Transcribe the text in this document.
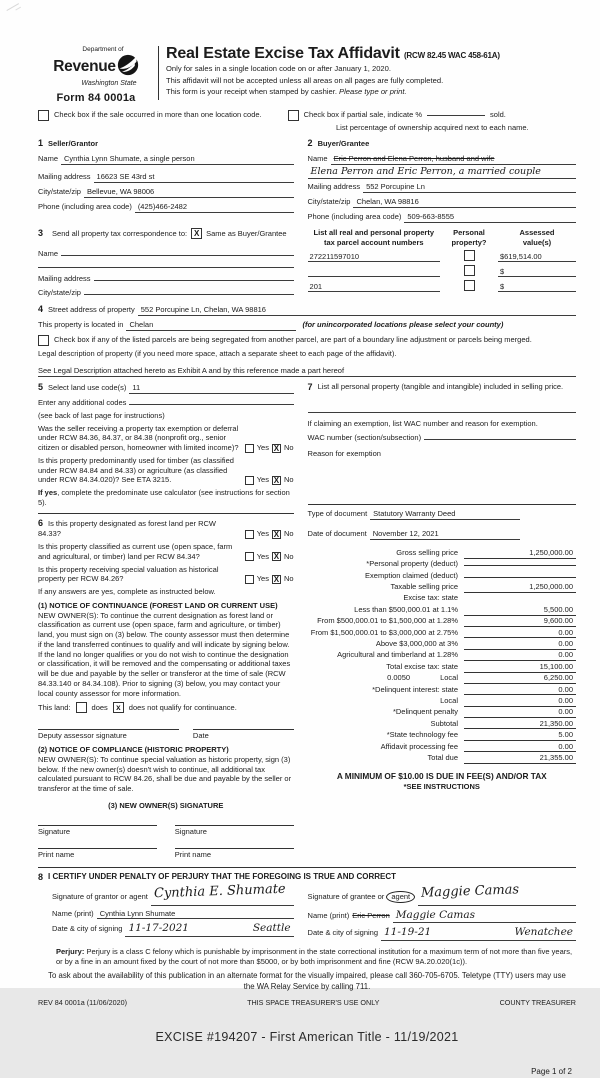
Department of
Revenue
Washington State
Form 84 0001a
Real Estate Excise Tax Affidavit (RCW 82.45 WAC 458-61A)
Only for sales in a single location code on or after January 1, 2020.
This affidavit will not be accepted unless all areas on all pages are fully completed.
This form is your receipt when stamped by cashier. Please type or print.
Check box if the sale occurred in more than one location code.	Check box if partial sale, indicate %	sold.
List percentage of ownership acquired next to each name.
1 Seller/Grantor
Name Cynthia Lynn Shumate, a single person
Mailing address 16623 SE 43rd st
City/state/zip Bellevue, WA 98006
Phone (including area code) (425)466-2482
2 Buyer/Grantee
Name Eric Perron and Elena Perron, husband and wife
Elena Perron and Eric Perron, a married couple
Mailing address 552 Porcupine Ln
City/state/zip Chelan, WA 98816
Phone (including area code) 509-663-8555
3 Send all property tax correspondence to: X Same as Buyer/Grantee
Name
Mailing address
City/state/zip
List all real and personal property
tax parcel account numbers
Personal
property?
Assessed
value(s)
272211597010	$619,514.00
$
201	$
4 Street address of property 552 Porcupine Ln, Chelan, WA 98816
This property is located in Chelan	(for unincorporated locations please select your county)
Check box if any of the listed parcels are being segregated from another parcel, are part of a boundary line adjustment or parcels being merged.
Legal description of property (if you need more space, attach a separate sheet to each page of the affidavit).
See Legal Description attached hereto as Exhibit A and by this reference made a part hereof
5 Select land use code(s) 11
Enter any additional codes
(see back of last page for instructions)
Was the seller receiving a property tax exemption or deferral under RCW 84.36, 84.37, or 84.38 (nonprofit org., senior citizen or disabled person, homeowner with limited income)? Yes X No
Is this property predominantly used for timber (as classified under RCW 84.84 and 84.33) or agriculture (as classified under RCW 84.34.020)? See ETA 3215.	Yes X No
If yes, complete the predominate use calculator (see instructions for section 5).
6 Is this property designated as forest land per RCW 84.33?	Yes X No
Is this property classified as current use (open space, farm and agricultural, or timber) land per RCW 84.34?	Yes X No
Is this property receiving special valuation as historical property per RCW 84.26?	Yes X No
If any answers are yes, complete as instructed below.
(1) NOTICE OF CONTINUANCE (FOREST LAND OR CURRENT USE)
NEW OWNER(S): To continue the current designation as forest land or classification as current use (open space, farm and agriculture, or timber) land, you must sign on (3) below. The county assessor must then determine if the land transferred continues to qualify and will indicate by signing below. If the land no longer qualifies or you do not wish to continue the designation or classification, it will be removed and the compensating or additional taxes will be due and payable by the seller or transferor at the time of sale (RCW 84.33.140 or 84.34.108). Prior to signing (3) below, you may contact your local county assessor for more information.
This land:	does	x	does not qualify for continuance.
Deputy assessor signature	Date
(2) NOTICE OF COMPLIANCE (HISTORIC PROPERTY)
NEW OWNER(S): To continue special valuation as historic property, sign (3) below. If the new owner(s) doesn't wish to continue, all additional tax calculated pursuant to RCW 84.26, shall be due and payable by the seller or transferor at the time of sale.
(3) NEW OWNER(S) SIGNATURE
Signature	Signature
Print name	Print name
7 List all personal property (tangible and intangible) included in selling price.
If claiming an exemption, list WAC number and reason for exemption.
WAC number (section/subsection)
Reason for exemption
Type of document Statutory Warranty Deed
Date of document November 12, 2021
Gross selling price	1,250,000.00
*Personal property (deduct)
Exemption claimed (deduct)
Taxable selling price	1,250,000.00
Excise tax: state
Less than $500,000.01 at 1.1%	5,500.00
From $500,000.01 to $1,500,000 at 1.28%	9,600.00
From $1,500,000.01 to $3,000,000 at 2.75%	0.00
Above $3,000,000 at 3%	0.00
Agricultural and timberland at 1.28%	0.00
Total excise tax: state	15,100.00
0.0050	Local	6,250.00
*Delinquent interest: state	0.00
Local	0.00
*Delinquent penalty	0.00
Subtotal	21,350.00
*State technology fee	5.00
Affidavit processing fee	0.00
Total due	21,355.00
A MINIMUM OF $10.00 IS DUE IN FEE(S) AND/OR TAX
*SEE INSTRUCTIONS
8 I CERTIFY UNDER PENALTY OF PERJURY THAT THE FOREGOING IS TRUE AND CORRECT
Signature of grantor or agent Cynthia E. Shumate
Name (print) Cynthia Lynn Shumate
Date & city of signing 11-17-2021	Seattle
Signature of grantee or agent Maggie Camas
Name (print) Eric Perron Maggie Camas
Date & city of signing 11-19-21	Wenatchee
Perjury: Perjury is a class C felony which is punishable by imprisonment in the state correctional institution for a maximum term of not more than five years, or by a fine in an amount fixed by the court of not more than $5000, or by both imprisonment and fine (RCW 9A.20.020(1c)).
To ask about the availability of this publication in an alternate format for the visually impaired, please call 360-705-6705. Teletype (TTY) users may use the WA Relay Service by calling 711.
REV 84 0001a (11/06/2020)	THIS SPACE TREASURER'S USE ONLY	COUNTY TREASURER
EXCISE #194207 - First American Title - 11/19/2021
Page 1 of 2
